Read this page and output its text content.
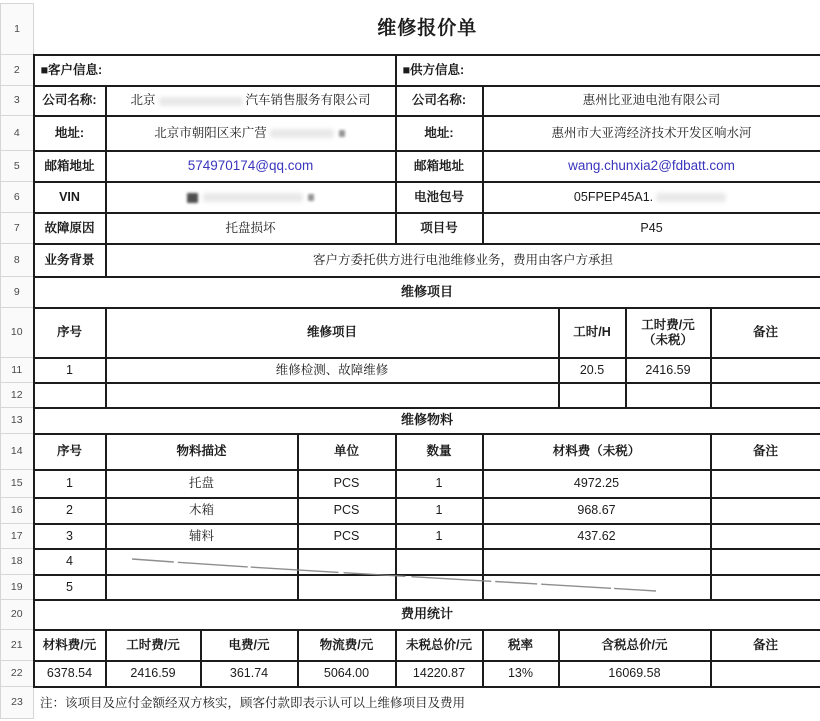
1	维修报价单								
2	■客户信息:				■供方信息:				
3	公司名称:	北京 汽车销售服务有限公司			公司名称:	惠州比亚迪电池有限公司			
4	地址:	北京市朝阳区来广营			地址:	惠州市大亚湾经济技术开发区响水河			
5	邮箱地址	574970174@qq.com			邮箱地址	wang.chunxia2@fdbatt.com			
6	VIN				电池包号	05FPEP45A1.			
7	故障原因	托盘损坏			项目号	P45			
8	业务背景	客户方委托供方进行电池维修业务，费用由客户方承担							
9	维修项目								
10	序号	维修项目					工时/H	工时费/元（未税）	备注
11	1	维修检测、故障维修					20.5	2416.59	
12									
13	维修物料								
14	序号	物料描述		单位	数量	材料费（未税）			备注
15	1	托盘		PCS	1	4972.25			
16	2	木箱		PCS	1	968.67			
17	3	辅料		PCS	1	437.62			
18	4								
19	5								
20	费用统计								
21	材料费/元	工时费/元	电费/元	物流费/元	未税总价/元	税率	含税总价/元		备注
22	6378.54	2416.59	361.74	5064.00	14220.87	13%	16069.58		
23	注：该项目及应付金额经双方核实，顾客付款即表示认可以上维修项目及费用								
